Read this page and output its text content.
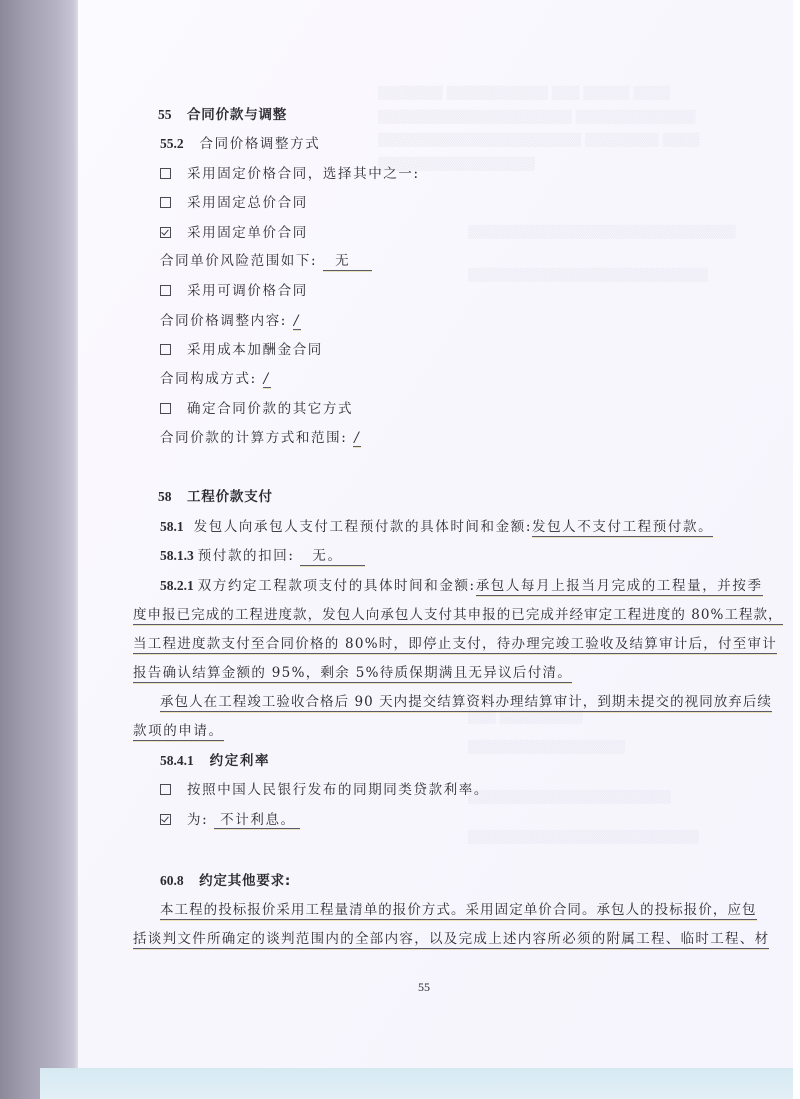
▒▒▒▒ ▒▒▒▒▒ ▒▒▒ ▒▒▒▒▒▒▒▒▒▒▒ ▒▒▒▒▒▒▒
▒▒▒▒▒▒▒▒▒▒▒▒▒ ▒▒▒▒▒▒▒▒▒▒▒▒▒▒▒▒▒▒▒▒▒
▒▒▒▒ ▒▒▒▒▒▒▒▒ ▒▒▒▒▒▒▒▒▒▒▒▒▒▒▒▒▒▒▒▒▒▒
▒▒▒▒▒▒▒▒▒▒▒▒▒▒▒▒▒
▒▒▒▒▒▒▒▒▒▒▒▒▒▒▒▒▒▒▒▒▒▒▒▒▒▒▒▒▒
▒▒▒▒▒▒▒▒▒▒▒▒▒▒▒▒▒▒▒▒▒▒▒▒▒▒
▒▒▒▒▒▒▒▒▒ ▒▒▒
▒▒▒▒▒▒▒▒▒▒▒▒▒▒▒▒▒
▒▒▒▒▒▒▒▒▒▒▒▒▒▒▒▒▒▒▒▒▒▒
▒▒▒▒▒▒▒▒▒▒▒▒▒▒▒▒▒▒▒▒▒▒▒▒▒
55 合同价款与调整
55.2 合同价格调整方式
采用固定价格合同，选择其中之一:
采用固定总价合同
采用固定单价合同
合同单价风险范围如下: 无
采用可调价格合同
合同价格调整内容: /
采用成本加酬金合同
合同构成方式: /
确定合同价款的其它方式
合同价款的计算方式和范围: /
58 工程价款支付
58.1 发包人向承包人支付工程预付款的具体时间和金额:发包人不支付工程预付款。
58.1.3 预付款的扣回: 无。
58.2.1 双方约定工程款项支付的具体时间和金额:承包人每月上报当月完成的工程量，并按季
度申报已完成的工程进度款，发包人向承包人支付其申报的已完成并经审定工程进度的 80%工程款，
当工程进度款支付至合同价格的 80%时，即停止支付，待办理完竣工验收及结算审计后，付至审计
报告确认结算金额的 95%，剩余 5%待质保期满且无异议后付清。
承包人在工程竣工验收合格后 90 天内提交结算资料办理结算审计，到期未提交的视同放弃后续
款项的申请。
58.4.1 约定利率
按照中国人民银行发布的同期同类贷款利率。
为: 不计利息。
60.8 约定其他要求:
本工程的投标报价采用工程量清单的报价方式。采用固定单价合同。承包人的投标报价，应包
括谈判文件所确定的谈判范围内的全部内容，以及完成上述内容所必须的附属工程、临时工程、材
55
